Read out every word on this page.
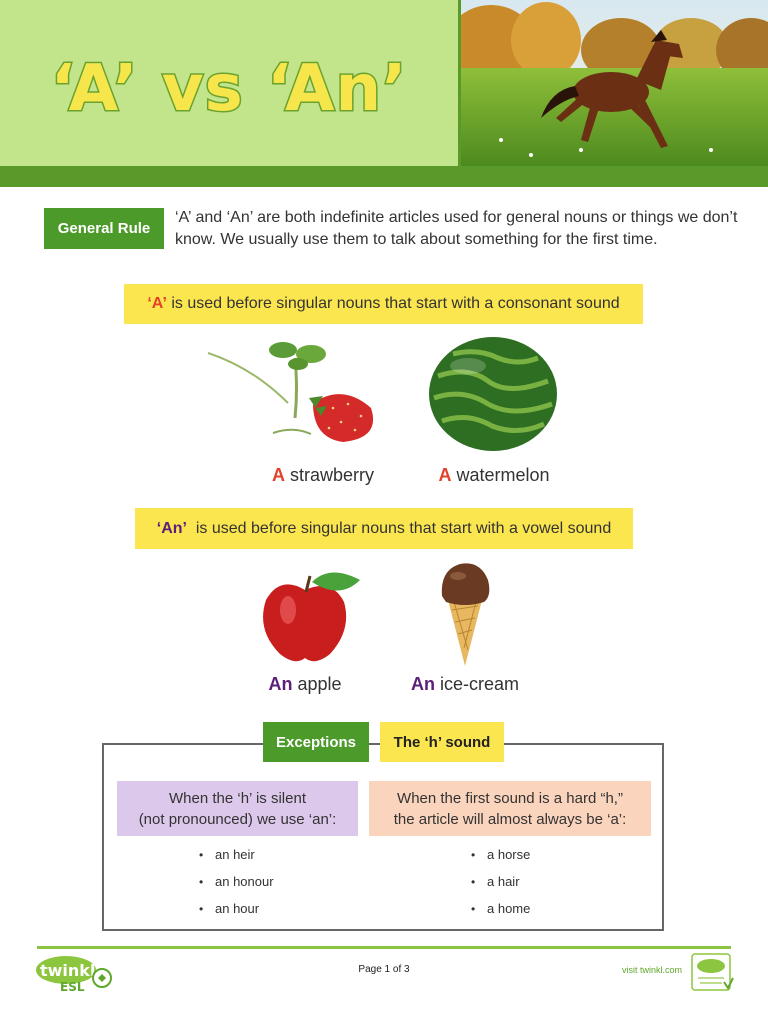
‘A’ vs ‘An’
General Rule
‘A’ and ‘An’ are both indefinite articles used for general nouns or things we don’t know. We usually use them to talk about something for the first time.
‘A’ is used before singular nouns that start with a consonant sound
A strawberry	A watermelon
‘An’ is used before singular nouns that start with a vowel sound
An apple	An ice-cream
Exceptions	The ‘h’ sound
When the ‘h’ is silent
(not pronounced) we use ‘an’:
When the first sound is a hard “h,”
the article will almost always be ‘a’:
• an heir
• an honour
• an hour
• a horse
• a hair
• a home
twinkl
ESL
Page 1 of 3	visit twinkl.com
